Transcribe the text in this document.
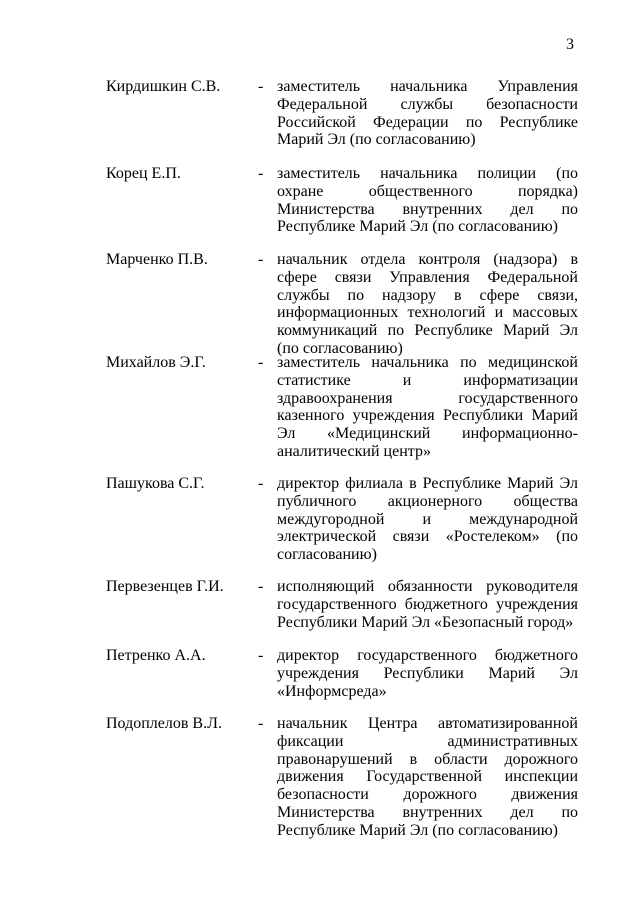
3
Кирдишкин С.В. - заместитель начальника Управления Федеральной службы безопасности Российской Федерации по Республике Марий Эл (по согласованию)
Корец Е.П.	- заместитель начальника полиции (по охране общественного порядка) Министерства внутренних дел по Республике Марий Эл (по согласованию)
Марченко П.В.	- начальник отдела контроля (надзора) в сфере связи Управления Федеральной службы по надзору в сфере связи, информационных технологий и массовых коммуникаций по Республике Марий Эл (по согласованию)
Михайлов Э.Г.	- заместитель начальника по медицинской статистике и информатизации здравоохранения государственного казенного учреждения Республики Марий Эл «Медицинский информационно-аналитический центр»
Пашукова С.Г.	- директор филиала в Республике Марий Эл публичного акционерного общества междугородной и международной электрической связи «Ростелеком» (по согласованию)
Первезенцев Г.И. - исполняющий обязанности руководителя государственного бюджетного учреждения Республики Марий Эл «Безопасный город»
Петренко А.А.	- директор государственного бюджетного учреждения Республики Марий Эл «Информсреда»
Подоплелов В.Л. - начальник Центра автоматизированной фиксации административных правонарушений в области дорожного движения Государственной инспекции безопасности дорожного движения Министерства внутренних дел по Республике Марий Эл (по согласованию)
